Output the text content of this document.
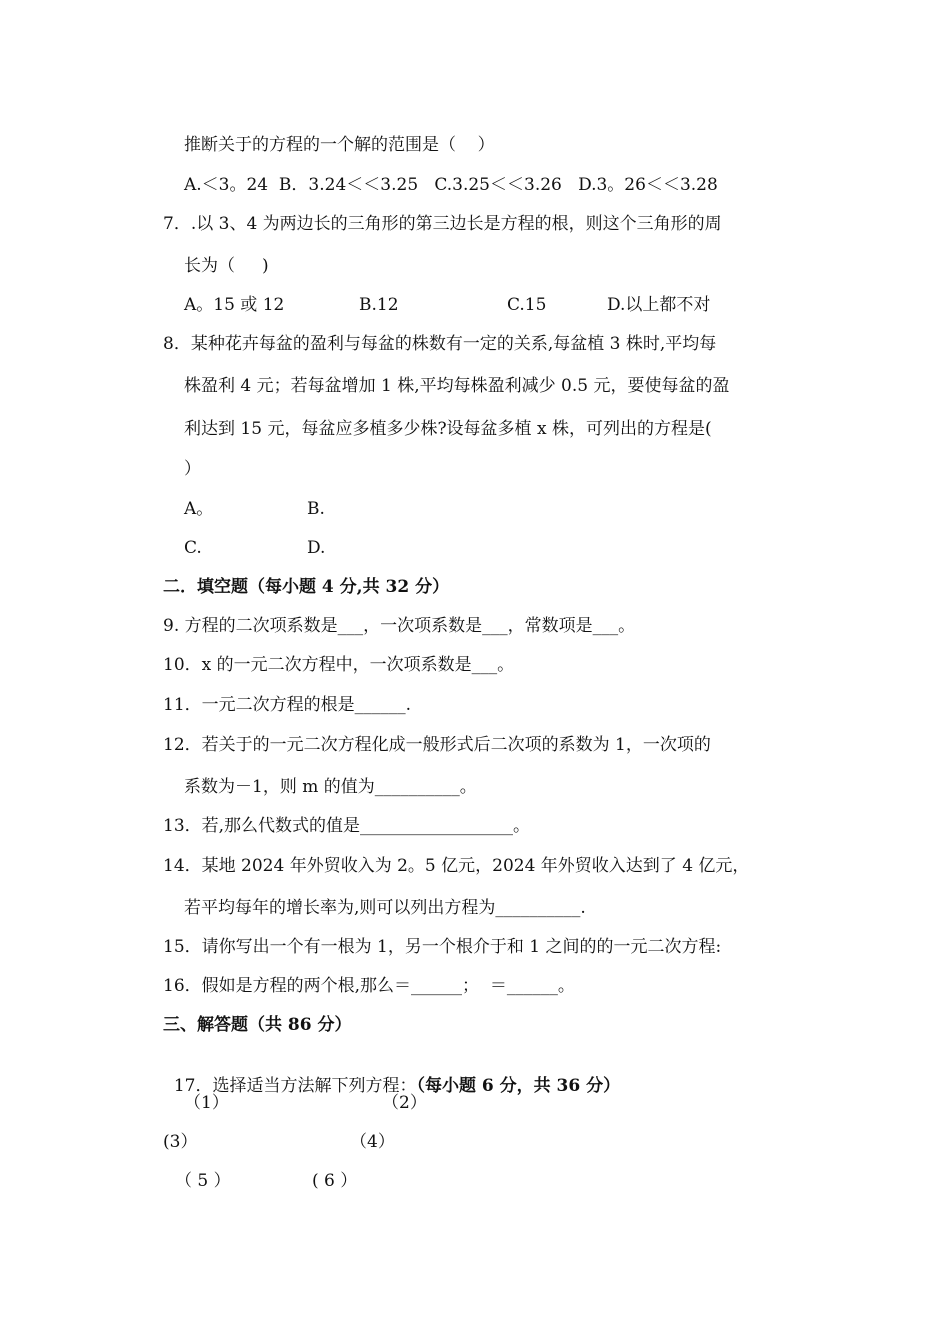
推断关于的方程的一个解的范围是（    ）
A.＜3。24  B．3.24＜＜3.25   C.3.25＜＜3.26   D.3。26＜＜3.28
7．.以 3、4 为两边长的三角形的第三边长是方程的根，则这个三角形的周
长为（     )
A。15 或 12	B.12	C.15	D.以上都不对
8．某种花卉每盆的盈利与每盆的株数有一定的关系,每盆植 3 株时,平均每
株盈利 4 元；若每盆增加 1 株,平均每株盈利减少 0.5 元，要使每盆的盈
利达到 15 元，每盆应多植多少株?设每盆多植 x 株，可列出的方程是(
）
A。	B.
C.	D.
二．填空题（每小题 4 分,共 32 分）
9. 方程的二次项系数是___，一次项系数是___，常数项是___。
10．x 的一元二次方程中，一次项系数是___。
11．一元二次方程的根是______.
12．若关于的一元二次方程化成一般形式后二次项的系数为 1，一次项的
系数为－1，则 m 的值为__________。
13．若,那么代数式的值是__________________。
14．某地 2024 年外贸收入为 2。5 亿元，2024 年外贸收入达到了 4 亿元，
若平均每年的增长率为,则可以列出方程为__________.
15．请你写出一个有一根为 1，另一个根介于和 1 之间的的一元二次方程:
16．假如是方程的两个根,那么＝______；  ＝______。
三、解答题（共 86 分）

17．选择适当方法解下列方程：（每小题 6 分，共 36 分）

（1）	（2）
(3）	（4）
（ 5 ）	( 6 ）
